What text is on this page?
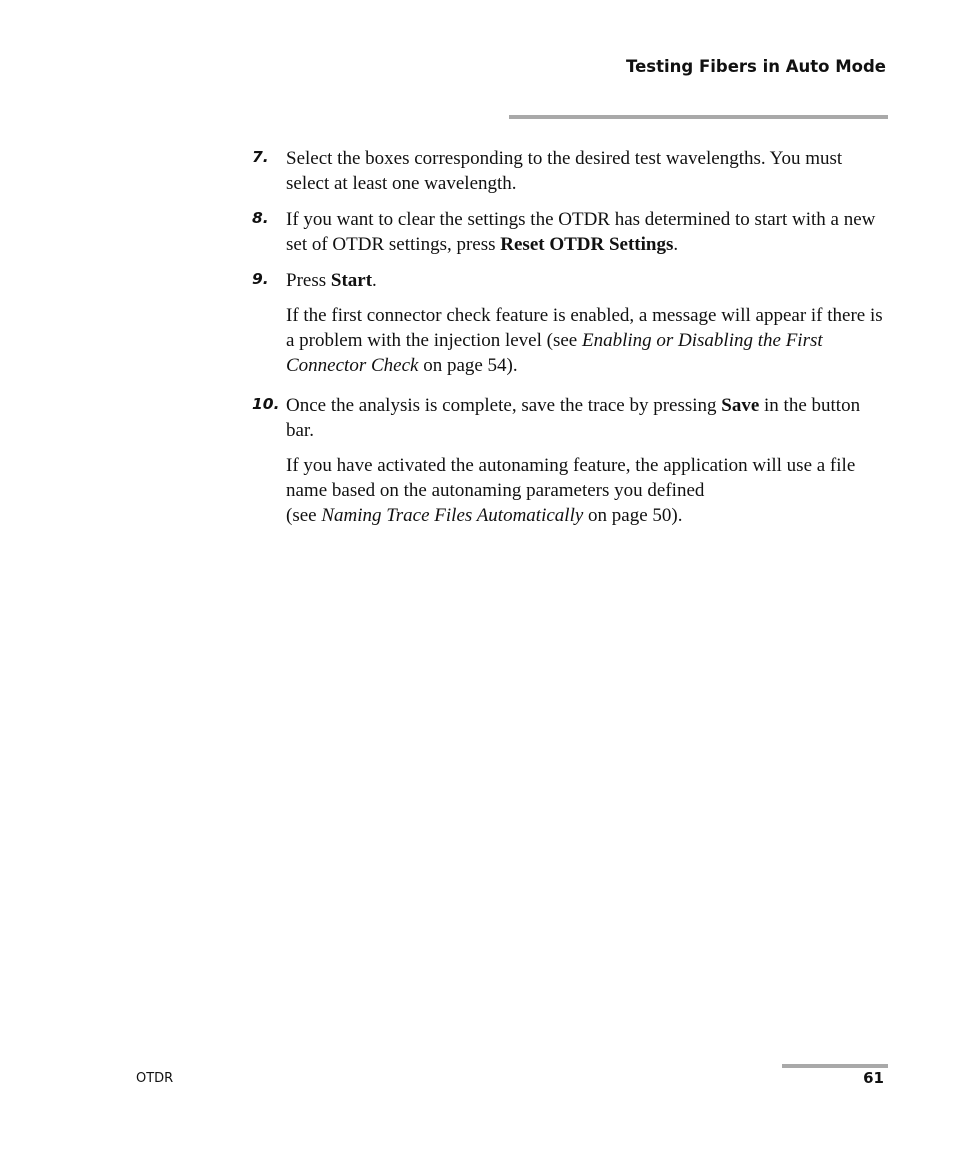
Testing Fibers in Auto Mode
7. Select the boxes corresponding to the desired test wavelengths. You must select at least one wavelength.
8. If you want to clear the settings the OTDR has determined to start with a new set of OTDR settings, press Reset OTDR Settings.
9. Press Start.
If the first connector check feature is enabled, a message will appear if there is a problem with the injection level (see Enabling or Disabling the First Connector Check on page 54).
10. Once the analysis is complete, save the trace by pressing Save in the button bar.
If you have activated the autonaming feature, the application will use a file name based on the autonaming parameters you defined
(see Naming Trace Files Automatically on page 50).
OTDR	61
